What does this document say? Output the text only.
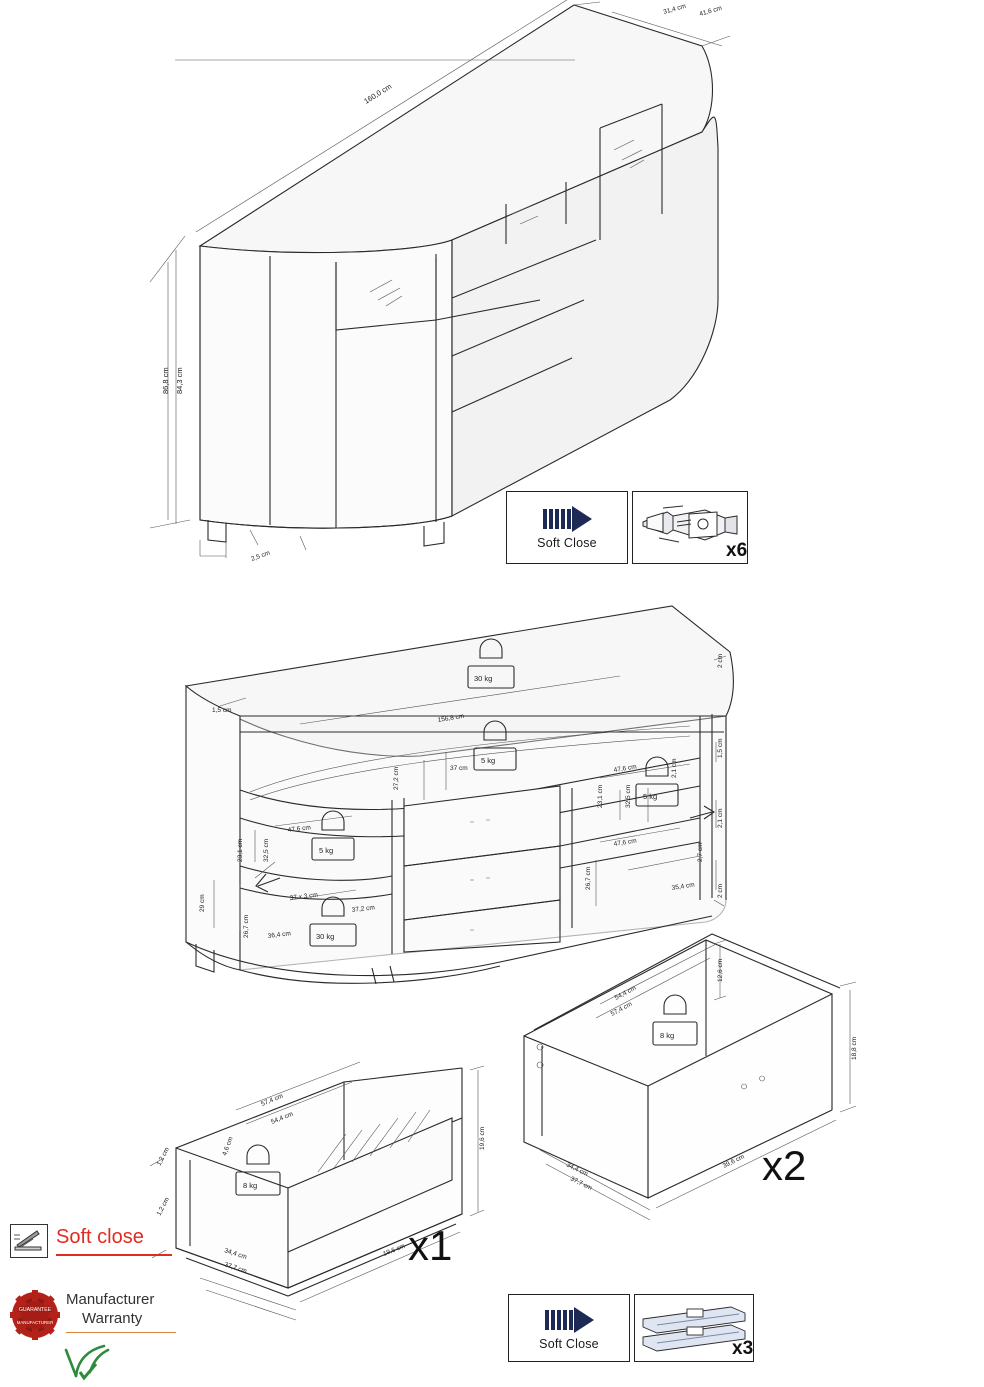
160,0 cm
31,4 cm 41,6 cm
86,8 cm 84,3 cm
2,5 cm
1,5 cm
156,8 cm
37 cm
27,2 cm	47,6 cm	2,1 cm
32,5 cm
23,1 cm
47,6 cm	2,7 cm
35,4 cm
26,7 cm
47,6 cm
32,5 cm
23,1 cm
37,2 cm
36,4 cm
26,7 cm
29 cm
2 cm
37 x 3 cm
1,5 cm
2,1 cm
2 cm
30 kg
5 kg
5 kg
5 kg
30 kg
57,4 cm
54,4 cm
19,6 cm
34,4 cm
37,7 cm
1,2 cm	4,6 cm
1,2 cm
19,6 cm
8 kg
54,4 cm
57,4 cm
12,6 cm
18,8 cm
34,4 cm
37,7 cm
39,6 cm
8 kg
Soft Close	x6
x1
x2
Soft Close	x3
Soft close
GUARANTEE
MANUFACTURER
Manufacturer
Warranty
